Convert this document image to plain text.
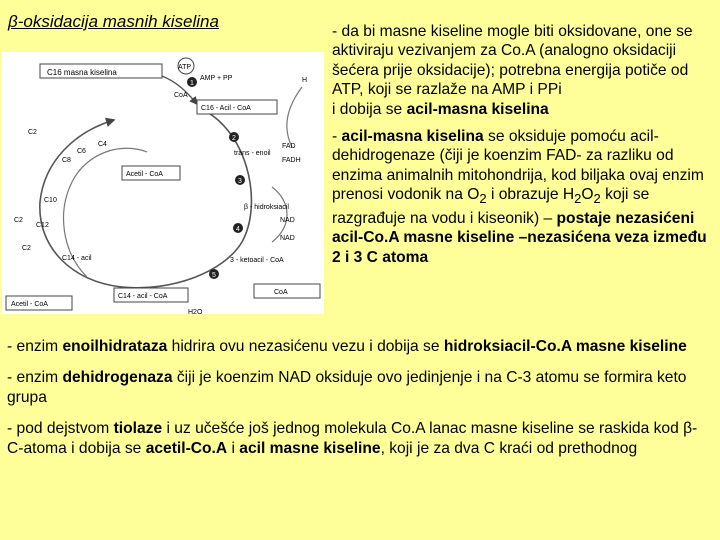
β-oksidacija masnih kiselina
C16 masna kiselina
ATP
AMP + PP
CoA
C16 - Acil - CoA
FAD
FADH
trans - enoil
H
β - hidroksiacil
NAD
NAD
3 - ketoacil - CoA
Acetil - CoA
Acetil - CoA
C14 - acil - CoA
CoA
C14 - acil
H2O
C2
C4
C6
C8
C10
C12
C2
C2
1
2
3
4
5

- da bi masne kiseline mogle biti oksidovane, one se aktiviraju vezivanjem za Co.A (analogno oksidaciji šećera prije oksidacije); potrebna energija potiče od ATP, koji se razlaže na AMP i PPi
i dobija se acil-masna kiselina

- acil-masna kiselina se oksiduje pomoću acil-dehidrogenaze (čiji je koenzim FAD- za razliku od enzima animalnih mitohondrija, kod biljaka ovaj enzim prenosi vodonik na $O_2$ i obrazuje $H_2O_2$ koji se razgrađuje na vodu i kiseonik) – postaje nezasićeni acil-Co.A masne kiseline –nezasićena veza između 2 i 3 C atoma

- enzim enoilhidrataza hidrira ovu nezasićenu vezu i dobija se hidroksiacil-Co.A masne kiseline

- enzim dehidrogenaza čiji je koenzim NAD oksiduje ovo jedinjenje i na C-3 atomu se formira keto grupa

- pod dejstvom tiolaze i uz učešće još jednog molekula Co.A lanac masne kiseline se raskida kod β-C-atoma i dobija se acetil-Co.A i acil masne kiseline, koji je za dva C kraći od prethodnog
